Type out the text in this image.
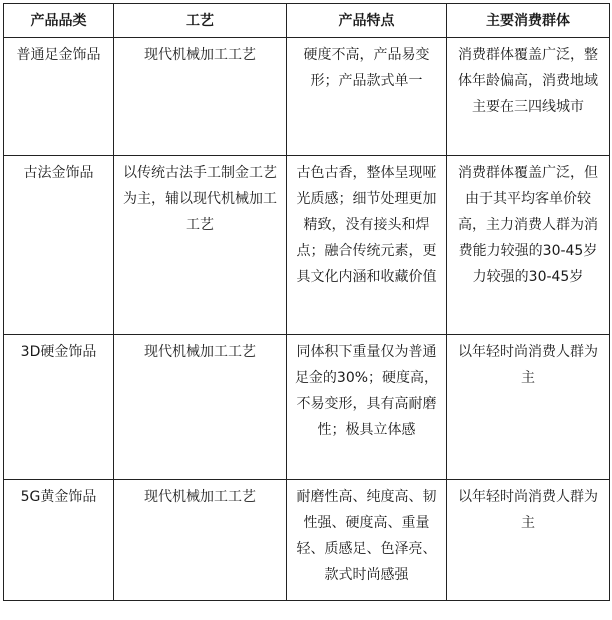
产品品类	工艺	产品特点	主要消费群体
普通足金饰品	现代机械加工工艺	硬度不高，产品易变形；产品款式单一	消费群体覆盖广泛，整体年龄偏高，消费地域主要在三四线城市
古法金饰品	以传统古法手工制金工艺为主，辅以现代机械加工工艺	古色古香，整体呈现哑光质感；细节处理更加精致，没有接头和焊点；融合传统元素，更具文化内涵和收藏价值	消费群体覆盖广泛，但由于其平均客单价较高，主力消费人群为消费能力较强的30-45岁力较强的30-45岁
3D硬金饰品	现代机械加工工艺	同体积下重量仅为普通足金的30%；硬度高，不易变形，具有高耐磨性；极具立体感	以年轻时尚消费人群为主
5G黄金饰品	现代机械加工工艺	耐磨性高、纯度高、韧性强、硬度高、重量轻、质感足、色泽亮、款式时尚感强	以年轻时尚消费人群为主
